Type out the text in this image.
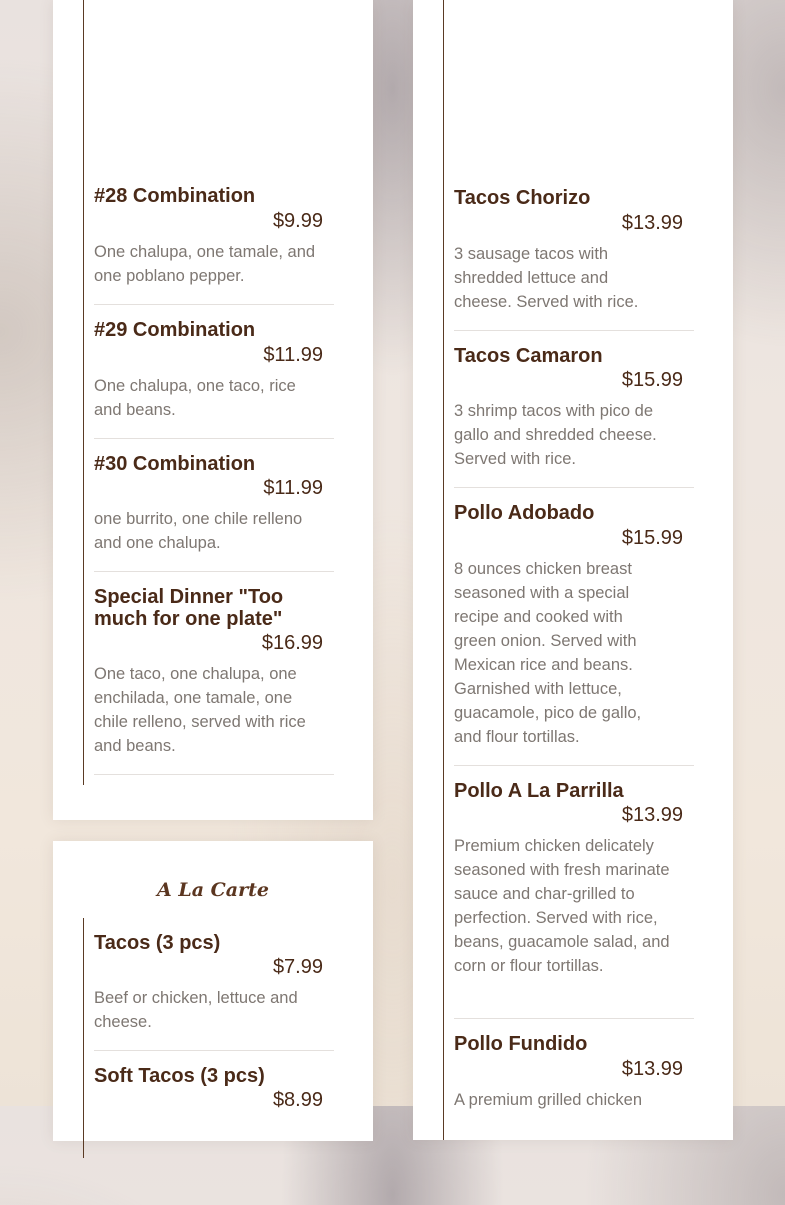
#28 Combination
$9.99

One chalupa, one tamale, and one poblano pepper.

#29 Combination
$11.99

One chalupa, one taco, rice and beans.

#30 Combination
$11.99

one burrito, one chile relleno and one chalupa.

Special Dinner "Too much for one plate"
$16.99

One taco, one chalupa, one enchilada, one tamale, one chile relleno, served with rice and beans.

A La Carte
Tacos (3 pcs)
$7.99

Beef or chicken, lettuce and cheese.

Soft Tacos (3 pcs)
$8.99
Tacos Chorizo
$13.99

3 sausage tacos with shredded lettuce and cheese. Served with rice.

Tacos Camaron
$15.99

3 shrimp tacos with pico de gallo and shredded cheese. Served with rice.

Pollo Adobado
$15.99

8 ounces chicken breast seasoned with a special recipe and cooked with green onion. Served with Mexican rice and beans. Garnished with lettuce, guacamole, pico de gallo, and flour tortillas.

Pollo A La Parrilla
$13.99

Premium chicken delicately seasoned with fresh marinate sauce and char-grilled to perfection. Served with rice, beans, guacamole salad, and corn or flour tortillas.

Pollo Fundido
$13.99

A premium grilled chicken
